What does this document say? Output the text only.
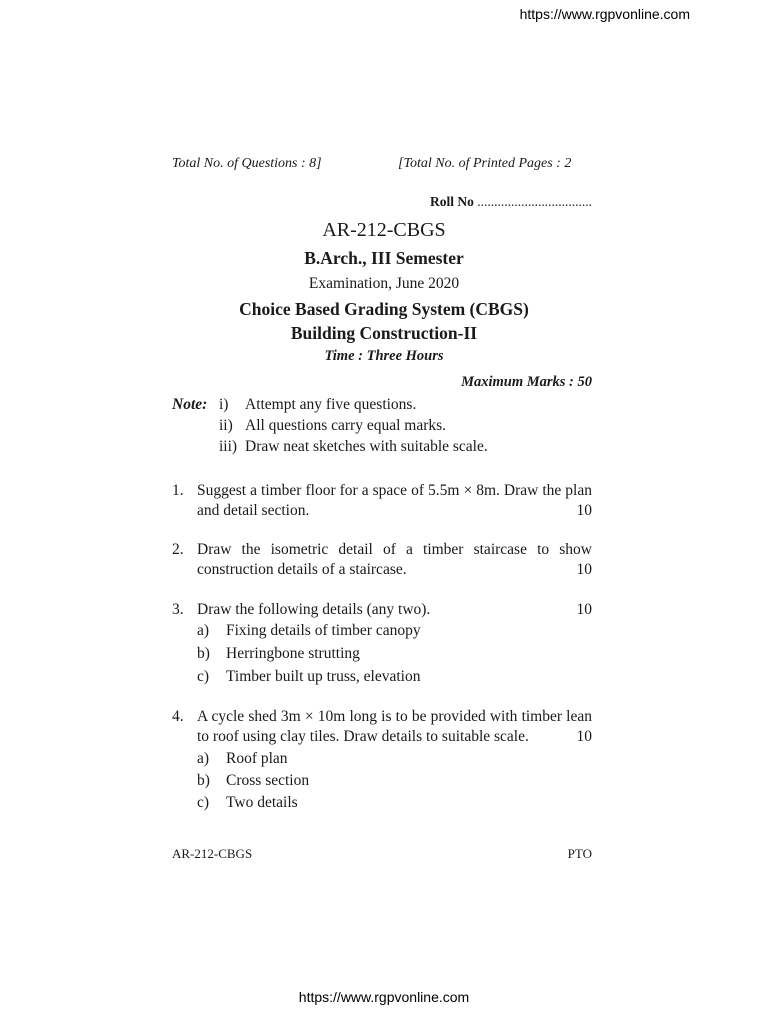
https://www.rgpvonline.com
Total No. of Questions : 8]	[Total No. of Printed Pages : 2
Roll No ..................................
AR-212-CBGS
B.Arch., III Semester
Examination, June 2020
Choice Based Grading System (CBGS)
Building Construction-II
Time : Three Hours
Maximum Marks : 50
Note: i) Attempt any five questions.
ii) All questions carry equal marks.
iii) Draw neat sketches with suitable scale.
1. Suggest a timber floor for a space of 5.5m × 8m. Draw the plan and detail section.	10
2. Draw the isometric detail of a timber staircase to show construction details of a staircase.	10
3. Draw the following details (any two).	10
a) Fixing details of timber canopy
b) Herringbone strutting
c) Timber built up truss, elevation
4. A cycle shed 3m × 10m long is to be provided with timber lean to roof using clay tiles. Draw details to suitable scale.	10
a) Roof plan
b) Cross section
c) Two details
AR-212-CBGS	PTO
https://www.rgpvonline.com
